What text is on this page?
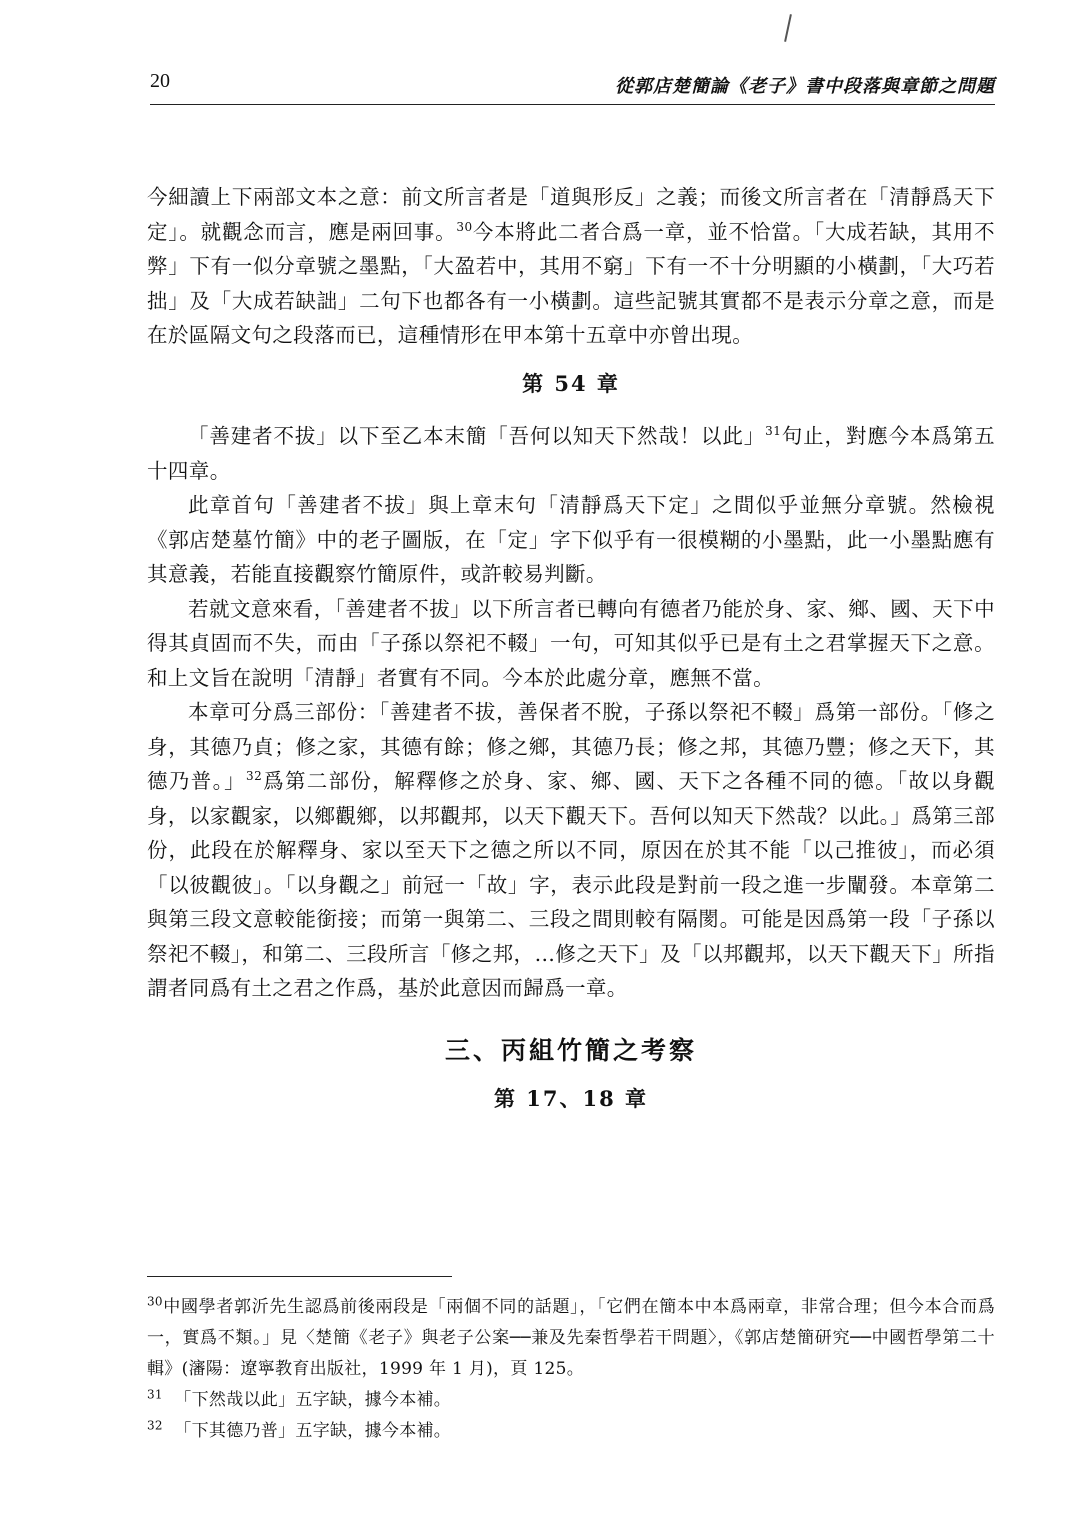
20	從郭店楚簡論《老子》書中段落與章節之問題

今細讀上下兩部文本之意：前文所言者是「道與形反」之義；而後文所言者在「清靜爲天下定」。就觀念而言，應是兩回事。$^{30}$今本將此二者合爲一章，並不恰當。「大成若缺，其用不弊」下有一似分章號之墨點，「大盈若中，其用不窮」下有一不十分明顯的小橫劃，「大巧若拙」及「大成若缺詘」二句下也都各有一小橫劃。這些記號其實都不是表示分章之意，而是在於區隔文句之段落而已，這種情形在甲本第十五章中亦曾出現。

第 54 章

「善建者不拔」以下至乙本末簡「吾何以知天下然哉！以此」$^{31}$句止，對應今本爲第五十四章。

此章首句「善建者不拔」與上章末句「清靜爲天下定」之間似乎並無分章號。然檢視《郭店楚墓竹簡》中的老子圖版，在「定」字下似乎有一很模糊的小墨點，此一小墨點應有其意義，若能直接觀察竹簡原件，或許較易判斷。

若就文意來看，「善建者不拔」以下所言者已轉向有德者乃能於身、家、鄉、國、天下中得其貞固而不失，而由「子孫以祭祀不輟」一句，可知其似乎已是有土之君掌握天下之意。和上文旨在說明「清靜」者實有不同。今本於此處分章，應無不當。

本章可分爲三部份：「善建者不拔，善保者不脫，子孫以祭祀不輟」爲第一部份。「修之身，其德乃貞；修之家，其德有餘；修之鄉，其德乃長；修之邦，其德乃豐；修之天下，其德乃普。」$^{32}$爲第二部份，解釋修之於身、家、鄉、國、天下之各種不同的德。「故以身觀身，以家觀家，以鄉觀鄉，以邦觀邦，以天下觀天下。吾何以知天下然哉？以此。」爲第三部份，此段在於解釋身、家以至天下之德之所以不同，原因在於其不能「以己推彼」，而必須「以彼觀彼」。「以身觀之」前冠一「故」字，表示此段是對前一段之進一步闡發。本章第二與第三段文意較能銜接；而第一與第二、三段之間則較有隔閡。可能是因爲第一段「子孫以祭祀不輟」，和第二、三段所言「修之邦，…修之天下」及「以邦觀邦，以天下觀天下」所指謂者同爲有土之君之作爲，基於此意因而歸爲一章。

三、丙組竹簡之考察
第 17、18 章

$^{30}$中國學者郭沂先生認爲前後兩段是「兩個不同的話題」，「它們在簡本中本爲兩章，非常合理；但今本合而爲一，實爲不類。」見〈楚簡《老子》與老子公案──兼及先秦哲學若干問題〉，《郭店楚簡研究──中國哲學第二十輯》(瀋陽：遼寧教育出版社，1999 年 1 月)，頁 125。

$^{31}$ 「下然哉以此」五字缺，據今本補。

$^{32}$ 「下其德乃普」五字缺，據今本補。
